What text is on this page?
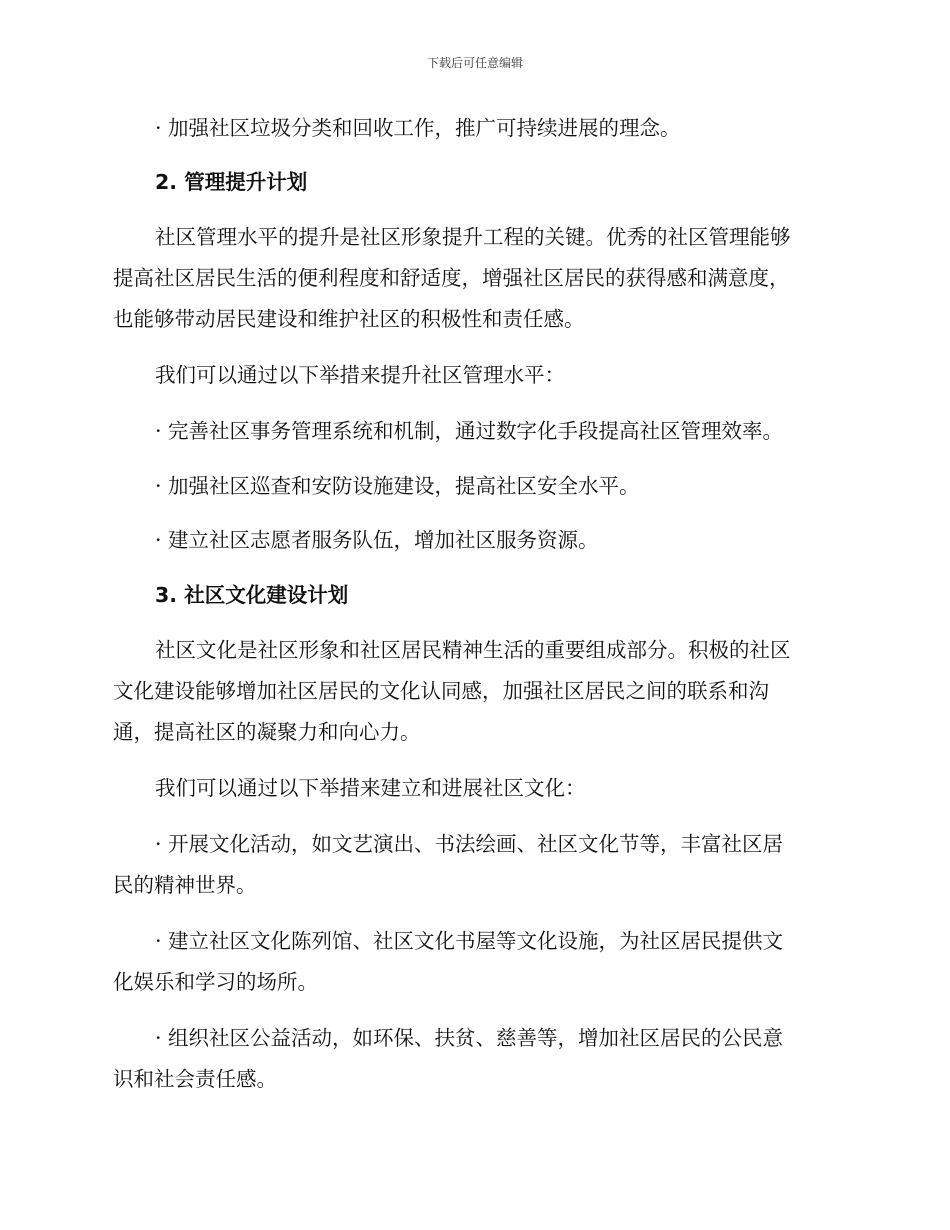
下载后可任意编辑
· 加强社区垃圾分类和回收工作，推广可持续进展的理念。
2. 管理提升计划
社区管理水平的提升是社区形象提升工程的关键。优秀的社区管理能够
提高社区居民生活的便利程度和舒适度，增强社区居民的获得感和满意度，
也能够带动居民建设和维护社区的积极性和责任感。
我们可以通过以下举措来提升社区管理水平：
· 完善社区事务管理系统和机制，通过数字化手段提高社区管理效率。
· 加强社区巡查和安防设施建设，提高社区安全水平。
· 建立社区志愿者服务队伍，增加社区服务资源。
3. 社区文化建设计划
社区文化是社区形象和社区居民精神生活的重要组成部分。积极的社区
文化建设能够增加社区居民的文化认同感，加强社区居民之间的联系和沟
通，提高社区的凝聚力和向心力。
我们可以通过以下举措来建立和进展社区文化：
· 开展文化活动，如文艺演出、书法绘画、社区文化节等，丰富社区居
民的精神世界。
· 建立社区文化陈列馆、社区文化书屋等文化设施，为社区居民提供文
化娱乐和学习的场所。
· 组织社区公益活动，如环保、扶贫、慈善等，增加社区居民的公民意
识和社会责任感。
